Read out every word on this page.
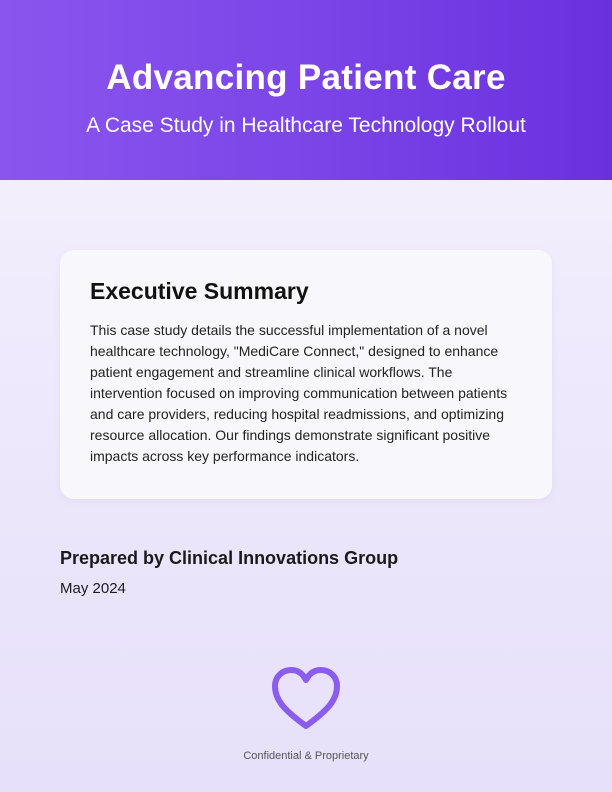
Advancing Patient Care
A Case Study in Healthcare Technology Rollout
Executive Summary
This case study details the successful implementation of a novel healthcare technology, "MediCare Connect," designed to enhance patient engagement and streamline clinical workflows. The intervention focused on improving communication between patients and care providers, reducing hospital readmissions, and optimizing resource allocation. Our findings demonstrate significant positive impacts across key performance indicators.
Prepared by Clinical Innovations Group
May 2024
Confidential & Proprietary
